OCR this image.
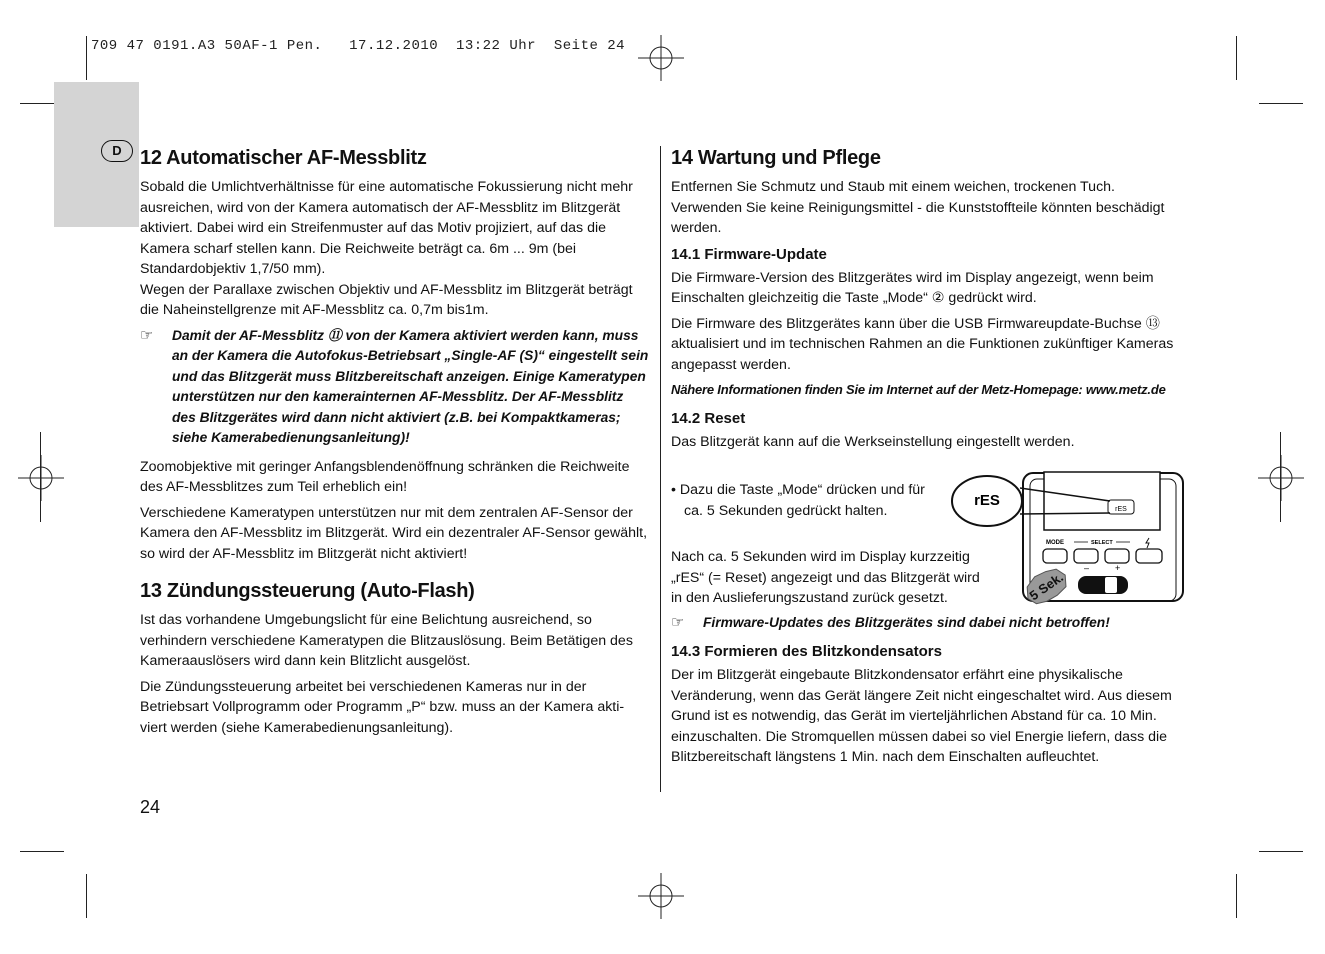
709 47 0191.A3 50AF-1 Pen.   17.12.2010  13:22 Uhr  Seite 24
D 12 Automatischer AF-Messblitz

Sobald die Umlichtverhältnisse für eine automatische Fokussierung nicht mehr ausreichen, wird von der Kamera automatisch der AF-Messblitz im Blitzgerät aktiviert. Dabei wird ein Streifenmuster auf das Motiv projiziert, auf das die Kamera scharf stellen kann. Die Reichweite beträgt ca. 6m ... 9m (bei Standardobjektiv 1,7/50 mm).

Wegen der Parallaxe zwischen Objektiv und AF-Messblitz im Blitzgerät beträgt die Naheinstellgrenze mit AF-Messblitz ca. 0,7m bis1m.

☞	Damit der AF-Messblitz ⑪ von der Kamera aktiviert werden kann, muss an der Kamera die Autofokus-Betriebsart „Single-AF (S)“ eingestellt sein und das Blitzgerät muss Blitzbereitschaft anzeigen. Einige Kameratypen unterstützen nur den kamerainternen AF-Messblitz. Der AF-Messblitz des Blitzgerätes wird dann nicht aktiviert (z.B. bei Kompaktkameras; siehe Kamerabedienungsanleitung)!

Zoomobjektive mit geringer Anfangsblendenöffnung schränken die Reichweite des AF-Messblitzes zum Teil erheblich ein!

Verschiedene Kameratypen unterstützen nur mit dem zentralen AF-Sensor der Kamera den AF-Messblitz im Blitzgerät. Wird ein dezentraler AF-Sensor gewählt, so wird der AF-Messblitz im Blitzgerät nicht aktiviert!

13 Zündungssteuerung (Auto-Flash)

Ist das vorhandene Umgebungslicht für eine Belichtung ausreichend, so verhindern verschiedene Kameratypen die Blitzauslösung. Beim Betätigen des Kameraauslösers wird dann kein Blitzlicht ausgelöst.

Die Zündungssteuerung arbeitet bei verschiedenen Kameras nur in der Betriebsart Vollprogramm oder Programm „P“ bzw. muss an der Kamera akti-viert werden (siehe Kamerabedienungsanleitung).

14 Wartung und Pflege

Entfernen Sie Schmutz und Staub mit einem weichen, trockenen Tuch. Verwenden Sie keine Reinigungsmittel - die Kunststoffteile könnten beschädigt werden.

14.1 Firmware-Update

Die Firmware-Version des Blitzgerätes wird im Display angezeigt, wenn beim Einschalten gleichzeitig die Taste „Mode“ ② gedrückt wird.

Die Firmware des Blitzgerätes kann über die USB Firmwareupdate-Buchse ⑬ aktualisiert und im technischen Rahmen an die Funktionen zukünftiger Kameras angepasst werden.

Nähere Informationen finden Sie im Internet auf der Metz-Homepage: www.metz.de

14.2 Reset

Das Blitzgerät kann auf die Werkseinstellung eingestellt werden.

• Dazu die Taste „Mode“ drücken und für
ca. 5 Sekunden gedrückt halten.
Nach ca. 5 Sekunden wird im Display kurzzeitig
„rES“ (= Reset) angezeigt und das Blitzgerät wird
in den Auslieferungszustand zurück gesetzt.
☞	Firmware-Updates des Blitzgerätes sind dabei nicht betroffen!
14.3 Formieren des Blitzkondensators

Der im Blitzgerät eingebaute Blitzkondensator erfährt eine physikalische Veränderung, wenn das Gerät längere Zeit nicht eingeschaltet wird. Aus diesem Grund ist es notwendig, das Gerät im vierteljährlichen Abstand für ca. 10 Min. einzuschalten. Die Stromquellen müssen dabei so viel Energie liefern, dass die Blitzbereitschaft längstens 1 Min. nach dem Einschalten aufleuchtet.

rES
rES
MODE	SELECT
–	+
5 Sek.
24
